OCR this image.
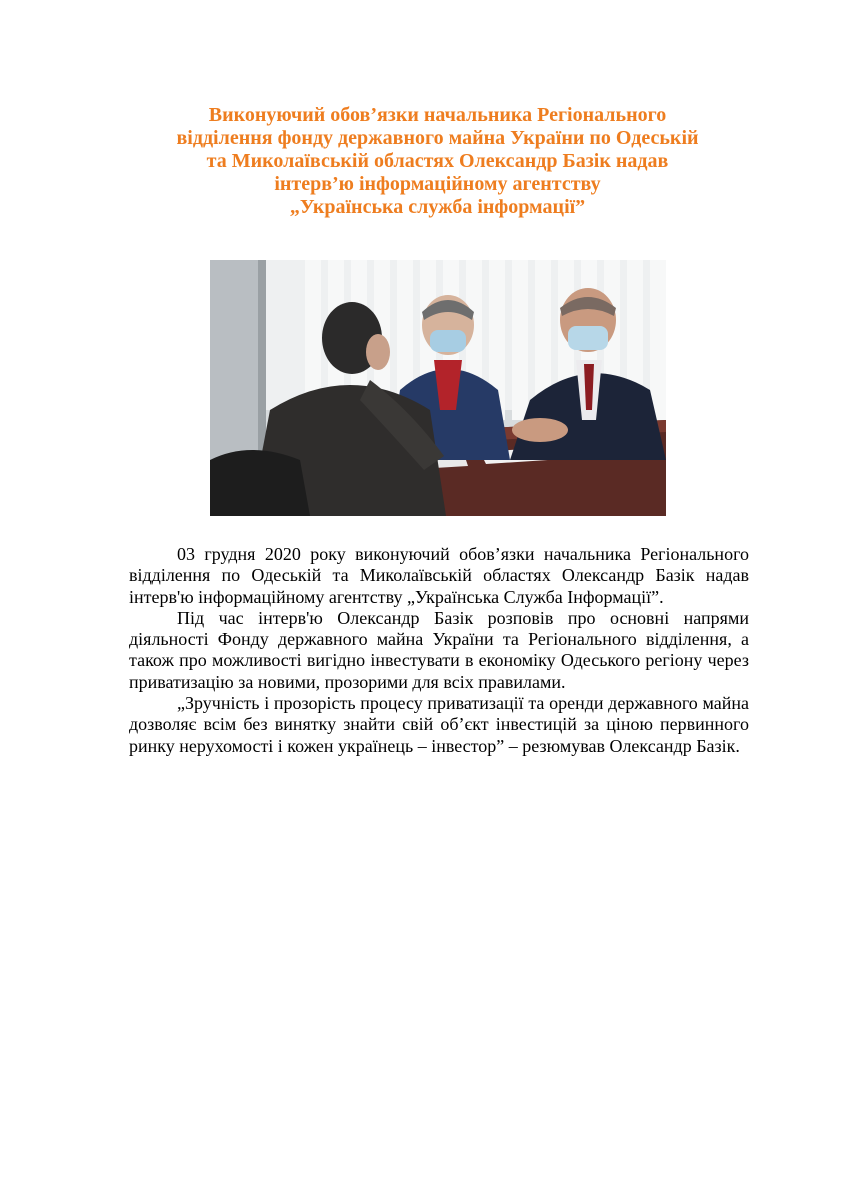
Виконуючий обов’язки начальника Регіонального
відділення фонду державного майна України по Одеській
та Миколаївській областях Олександр Базік надав
інтерв’ю інформаційному агентству
„Українська служба інформації”

03 грудня 2020 року виконуючий обов’язки начальника Регіонального відділення по Одеській та Миколаївській областях Олександр Базік надав інтерв'ю інформаційному агентству „Українська Служба Інформації”.

Під час інтерв'ю Олександр Базік розповів про основні напрями діяльності Фонду державного майна України та Регіонального відділення, а також про можливості вигідно інвестувати в економіку Одеського регіону через приватизацію за новими, прозорими для всіх правилами.

„Зручність і прозорість процесу приватизації та оренди державного майна дозволяє всім без винятку знайти свій об’єкт інвестицій за ціною первинного ринку нерухомості і кожен українець – інвестор” – резюмував Олександр Базік.
